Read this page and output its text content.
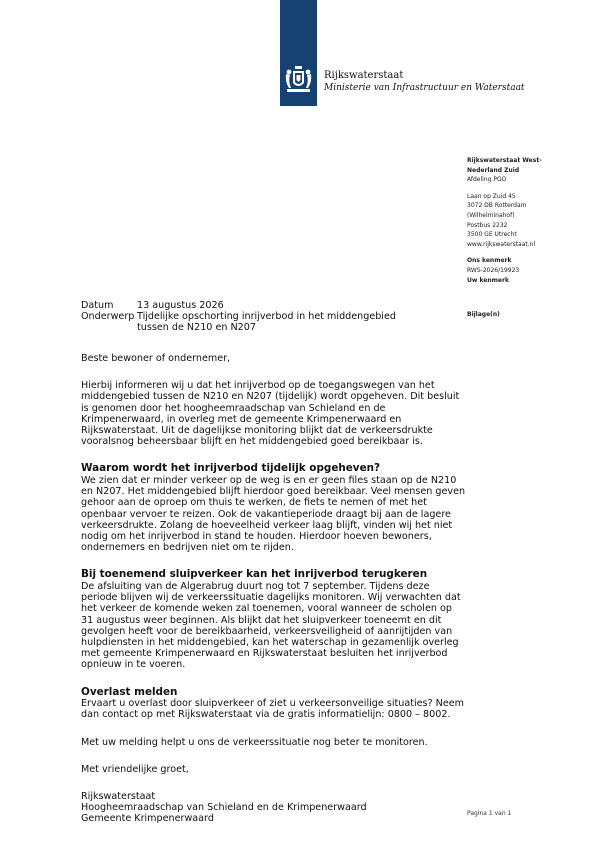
Rijkswaterstaat
Ministerie van Infrastructuur en Waterstaat
Rijkswaterstaat West-
Nederland Zuid
Afdeling PGO
Laan op Zuid 45
3072 DB Rotterdam
(Wilhelminahof)
Postbus 2232
3500 GE Utrecht
www.rijkswaterstaat.nl
Ons kenmerk
RWS-2026/19923
Uw kenmerk
Bijlage(n)
Datum	13 augustus 2026
Onderwerp Tijdelijke opschorting inrijverbod in het middengebied tussen de N210 en N207

Beste bewoner of ondernemer,

Hierbij informeren wij u dat het inrijverbod op de toegangswegen van het middengebied tussen de N210 en N207 (tijdelijk) wordt opgeheven. Dit besluit is genomen door het hoogheemraadschap van Schieland en de Krimpenerwaard, in overleg met de gemeente Krimpenerwaard en Rijkswaterstaat. Uit de dagelijkse monitoring blijkt dat de verkeersdrukte vooralsnog beheersbaar blijft en het middengebied goed bereikbaar is.

Waarom wordt het inrijverbod tijdelijk opgeheven?

We zien dat er minder verkeer op de weg is en er geen files staan op de N210 en N207. Het middengebied blijft hierdoor goed bereikbaar. Veel mensen geven gehoor aan de oproep om thuis te werken, de fiets te nemen of met het openbaar vervoer te reizen. Ook de vakantieperiode draagt bij aan de lagere verkeersdrukte. Zolang de hoeveelheid verkeer laag blijft, vinden wij het niet nodig om het inrijverbod in stand te houden. Hierdoor hoeven bewoners, ondernemers en bedrijven niet om te rijden.

Bij toenemend sluipverkeer kan het inrijverbod terugkeren

De afsluiting van de Algerabrug duurt nog tot 7 september. Tijdens deze periode blijven wij de verkeerssituatie dagelijks monitoren. Wij verwachten dat het verkeer de komende weken zal toenemen, vooral wanneer de scholen op 31 augustus weer beginnen. Als blijkt dat het sluipverkeer toeneemt en dit gevolgen heeft voor de bereikbaarheid, verkeersveiligheid of aanrijtijden van hulpdiensten in het middengebied, kan het waterschap in gezamenlijk overleg met gemeente Krimpenerwaard en Rijkswaterstaat besluiten het inrijverbod opnieuw in te voeren.

Overlast melden

Ervaart u overlast door sluipverkeer of ziet u verkeersonveilige situaties? Neem dan contact op met Rijkswaterstaat via de gratis informatielijn: 0800 – 8002.

Met uw melding helpt u ons de verkeerssituatie nog beter te monitoren.

Met vriendelijke groet,

Rijkswaterstaat

Hoogheemraadschap van Schieland en de Krimpenerwaard

Gemeente Krimpenerwaard	Pagina 1 van 1
